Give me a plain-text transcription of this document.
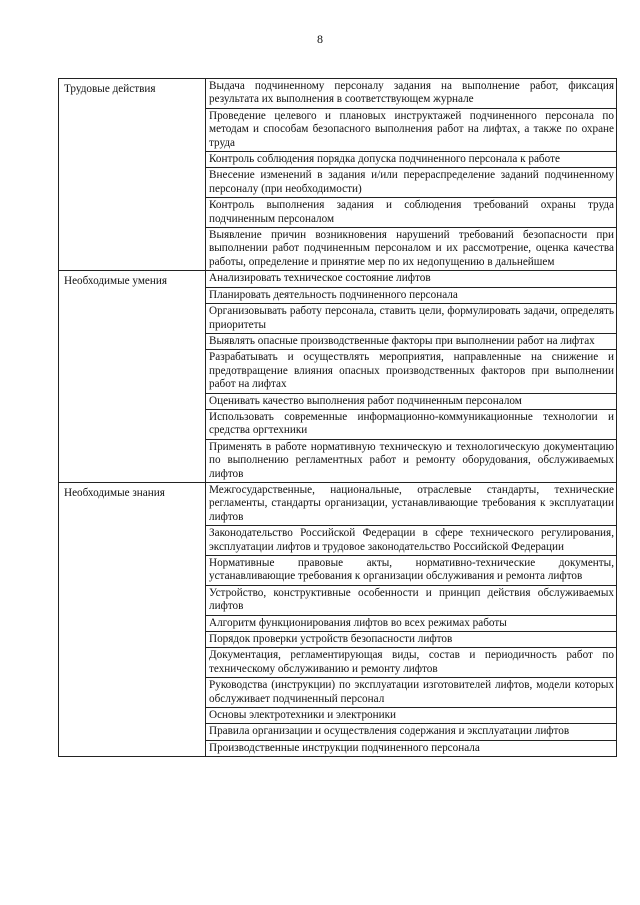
8
Трудовые действия	Выдача подчиненному персоналу задания на выполнение работ, фиксация результата их выполнения в соответствующем журнале
	Проведение целевого и плановых инструктажей подчиненного персонала по методам и способам безопасного выполнения работ на лифтах, а также по охране труда
	Контроль соблюдения порядка допуска подчиненного персонала к работе
	Внесение изменений в задания и/или перераспределение заданий подчиненному персоналу (при необходимости)
	Контроль выполнения задания и соблюдения требований охраны труда подчиненным персоналом
	Выявление причин возникновения нарушений требований безопасности при выполнении работ подчиненным персоналом и их рассмотрение, оценка качества работы, определение и принятие мер по их недопущению в дальнейшем
Необходимые умения	Анализировать техническое состояние лифтов
	Планировать деятельность подчиненного персонала
	Организовывать работу персонала, ставить цели, формулировать задачи, определять приоритеты
	Выявлять опасные производственные факторы при выполнении работ на лифтах
	Разрабатывать и осуществлять мероприятия, направленные на снижение и предотвращение влияния опасных производственных факторов при выполнении работ на лифтах
	Оценивать качество выполнения работ подчиненным персоналом
	Использовать современные информационно-коммуникационные технологии и средства оргтехники
	Применять в работе нормативную техническую и технологическую документацию по выполнению регламентных работ и ремонту оборудования, обслуживаемых лифтов
Необходимые знания	Межгосударственные, национальные, отраслевые стандарты, технические регламенты, стандарты организации, устанавливающие требования к эксплуатации лифтов
	Законодательство Российской Федерации в сфере технического регулирования, эксплуатации лифтов и трудовое законодательство Российской Федерации
	Нормативные правовые акты, нормативно-технические документы, устанавливающие требования к организации обслуживания и ремонта лифтов
	Устройство, конструктивные особенности и принцип действия обслуживаемых лифтов
	Алгоритм функционирования лифтов во всех режимах работы
	Порядок проверки устройств безопасности лифтов
	Документация, регламентирующая виды, состав и периодичность работ по техническому обслуживанию и ремонту лифтов
	Руководства (инструкции) по эксплуатации изготовителей лифтов, модели которых обслуживает подчиненный персонал
	Основы электротехники и электроники
	Правила организации и осуществления содержания и эксплуатации лифтов
	Производственные инструкции подчиненного персонала
